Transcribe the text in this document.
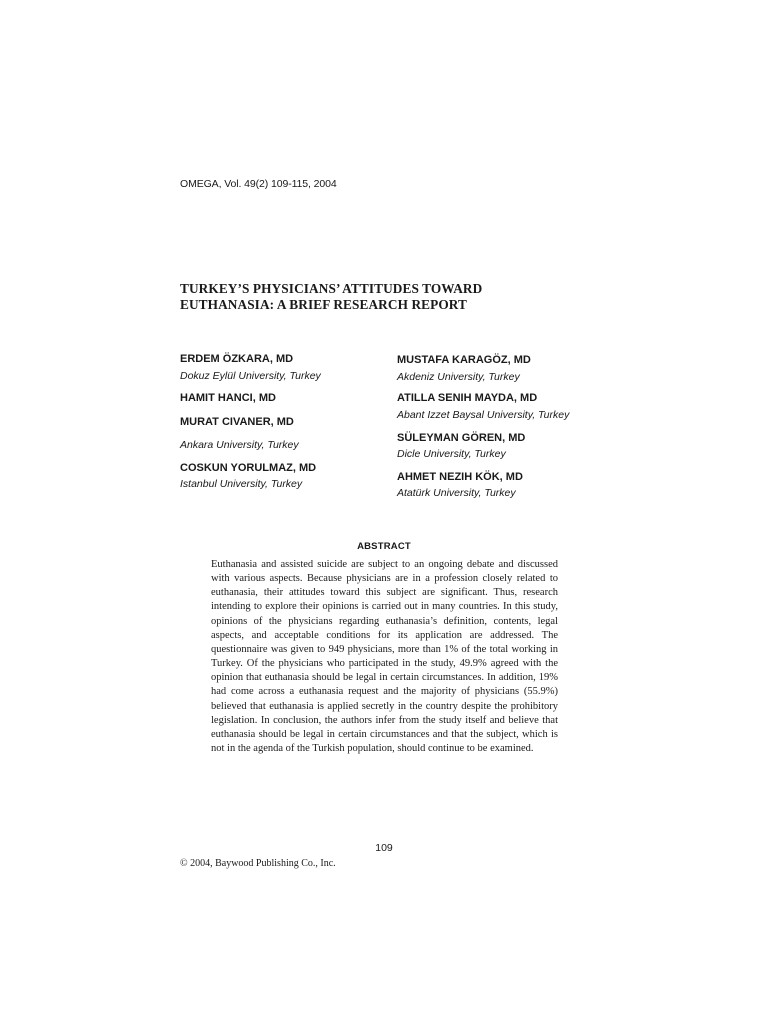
OMEGA, Vol. 49(2) 109-115, 2004
TURKEY’S PHYSICIANS’ ATTITUDES TOWARD
EUTHANASIA: A BRIEF RESEARCH REPORT
ERDEM ÖZKARA, MD
Dokuz Eylül University, Turkey
HAMIT HANCI, MD
MURAT CIVANER, MD
Ankara University, Turkey
COSKUN YORULMAZ, MD
Istanbul University, Turkey
MUSTAFA KARAGÖZ, MD
Akdeniz University, Turkey
ATILLA SENIH MAYDA, MD
Abant Izzet Baysal University, Turkey
SÜLEYMAN GÖREN, MD
Dicle University, Turkey
AHMET NEZIH KÖK, MD
Atatürk University, Turkey
ABSTRACT
Euthanasia and assisted suicide are subject to an ongoing debate and discussed with various aspects. Because physicians are in a profession closely related to euthanasia, their attitudes toward this subject are significant. Thus, research intending to explore their opinions is carried out in many countries. In this study, opinions of the physicians regarding euthanasia’s definition, contents, legal aspects, and acceptable conditions for its application are addressed. The questionnaire was given to 949 physicians, more than 1% of the total working in Turkey. Of the physicians who participated in the study, 49.9% agreed with the opinion that euthanasia should be legal in certain circumstances. In addition, 19% had come across a euthanasia request and the majority of physicians (55.9%) believed that euthanasia is applied secretly in the country despite the prohibitory legislation. In conclusion, the authors infer from the study itself and believe that euthanasia should be legal in certain circumstances and that the subject, which is not in the agenda of the Turkish population, should continue to be examined.
109
© 2004, Baywood Publishing Co., Inc.
